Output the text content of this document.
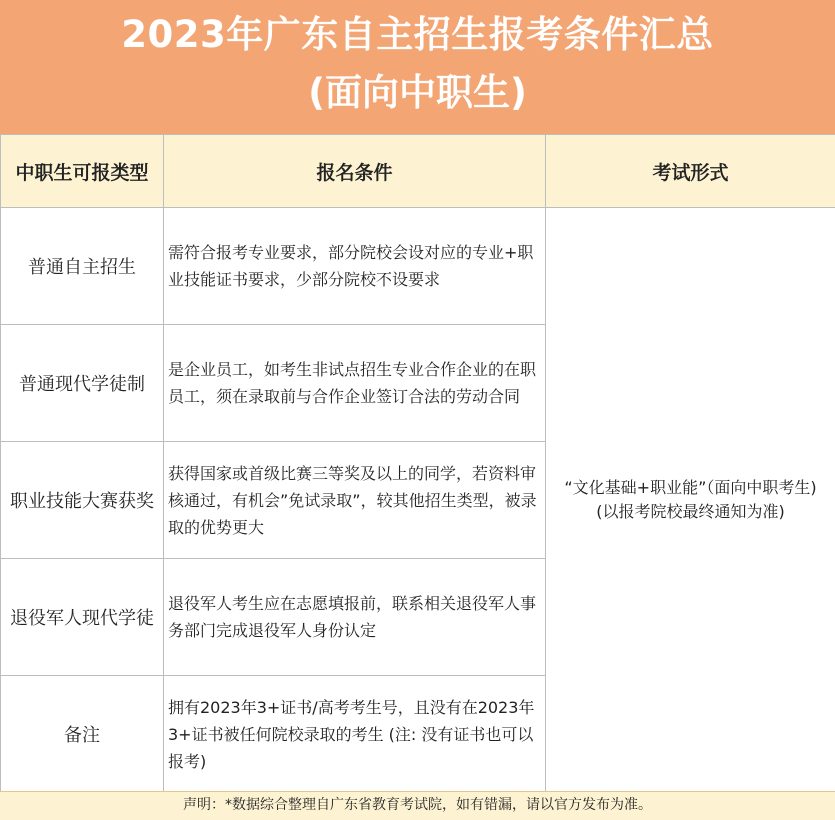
2023年广东自主招生报考条件汇总
(面向中职生)
中职生可报类型	报名条件	考试形式
普通自主招生	需符合报考专业要求，部分院校会设对应的专业+职业技能证书要求，少部分院校不设要求	“文化基础+职业能”（面向中职考生)
(以报考院校最终通知为准)

普通现代学徒制	是企业员工，如考生非试点招生专业合作企业的在职员工，须在录取前与合作企业签订合法的劳动合同	
职业技能大赛获奖	获得国家或首级比赛三等奖及以上的同学，若资料审核通过，有机会”免试录取”，较其他招生类型，被录取的优势更大	
退役军人现代学徒	退役军人考生应在志愿填报前，联系相关退役军人事务部门完成退役军人身份认定	
备注	拥有2023年3+证书/高考考生号，且没有在2023年3+证书被任何院校录取的考生 (注: 没有证书也可以报考)	
声明：*数据综合整理自广东省教育考试院，如有错漏，请以官方发布为准。
